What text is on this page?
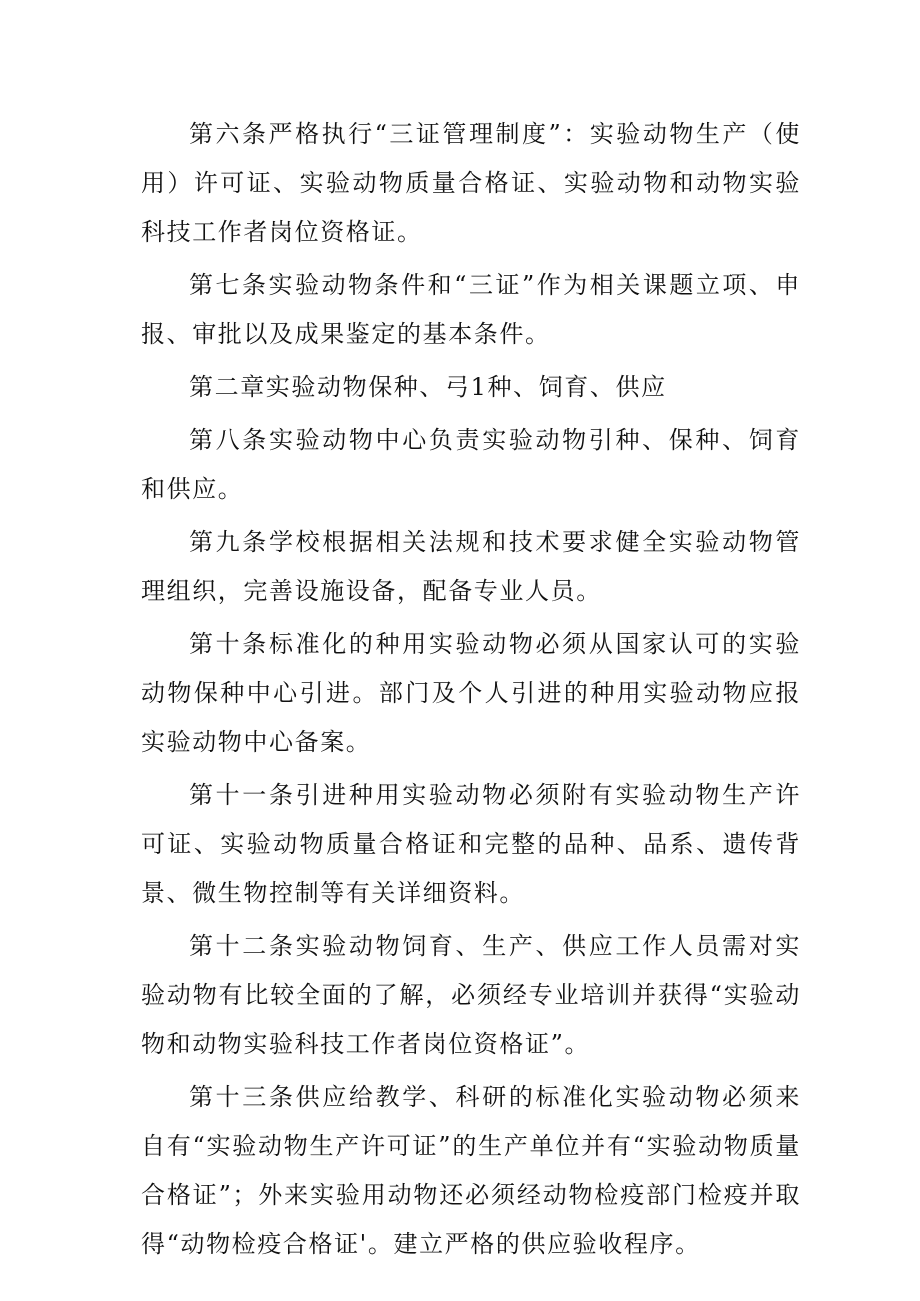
第六条严格执行“三证管理制度”：实验动物生产（使用）许可证、实验动物质量合格证、实验动物和动物实验科技工作者岗位资格证。

第七条实验动物条件和“三证”作为相关课题立项、申报、审批以及成果鉴定的基本条件。

第二章实验动物保种、弓1种、饲育、供应

第八条实验动物中心负责实验动物引种、保种、饲育和供应。

第九条学校根据相关法规和技术要求健全实验动物管理组织，完善设施设备，配备专业人员。

第十条标准化的种用实验动物必须从国家认可的实验动物保种中心引进。部门及个人引进的种用实验动物应报实验动物中心备案。

第十一条引进种用实验动物必须附有实验动物生产许可证、实验动物质量合格证和完整的品种、品系、遗传背景、微生物控制等有关详细资料。

第十二条实验动物饲育、生产、供应工作人员需对实验动物有比较全面的了解，必须经专业培训并获得“实验动物和动物实验科技工作者岗位资格证”。

第十三条供应给教学、科研的标准化实验动物必须来自有“实验动物生产许可证”的生产单位并有“实验动物质量合格证”；外来实验用动物还必须经动物检疫部门检疫并取得“动物检疫合格证'。建立严格的供应验收程序。
